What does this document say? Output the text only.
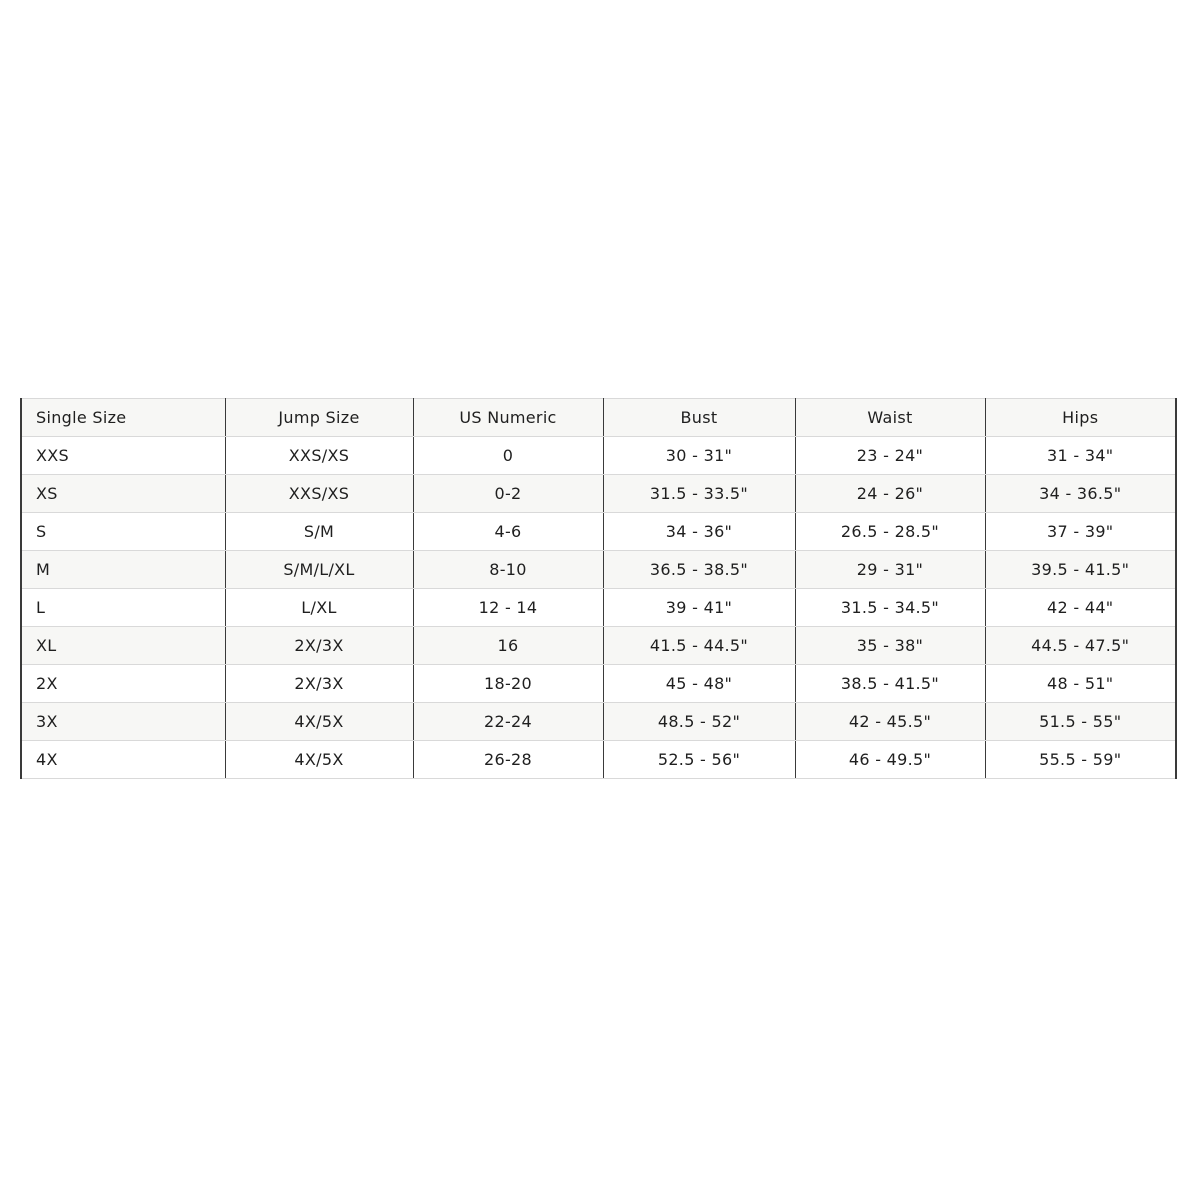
Single Size	Jump Size	US Numeric	Bust	Waist	Hips
XXS	XXS/XS	0	30 - 31"	23 - 24"	31 - 34"
XS	XXS/XS	0-2	31.5 - 33.5"	24 - 26"	34 - 36.5"
S	S/M	4-6	34 - 36"	26.5 - 28.5"	37 - 39"
M	S/M/L/XL	8-10	36.5 - 38.5"	29 - 31"	39.5 - 41.5"
L	L/XL	12 - 14	39 - 41"	31.5 - 34.5"	42 - 44"
XL	2X/3X	16	41.5 - 44.5"	35 - 38"	44.5 - 47.5"
2X	2X/3X	18-20	45 - 48"	38.5 - 41.5"	48 - 51"
3X	4X/5X	22-24	48.5 - 52"	42 - 45.5"	51.5 - 55"
4X	4X/5X	26-28	52.5 - 56"	46 - 49.5"	55.5 - 59"
